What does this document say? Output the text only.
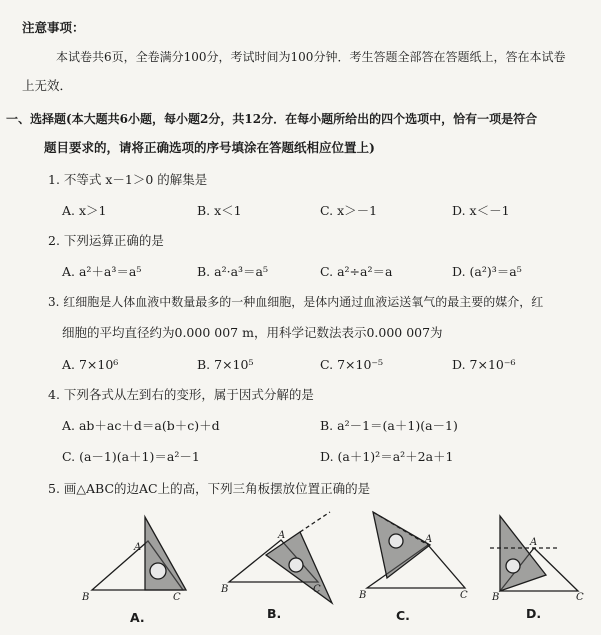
注意事项：
本试卷共6页，全卷满分100分，考试时间为100分钟．考生答题全部答在答题纸上，答在本试卷
上无效．
一、选择题(本大题共6小题，每小题2分，共12分．在每小题所给出的四个选项中，恰有一项是符合
题目要求的，请将正确选项的序号填涂在答题纸相应位置上)
1. 不等式 x－1＞0 的解集是
A. x＞1	B. x＜1	C. x＞－1	D. x＜－1
2. 下列运算正确的是
A. a²＋a³＝a⁵	B. a²·a³＝a⁵	C. a²÷a²＝a	D. (a²)³＝a⁵
3. 红细胞是人体血液中数量最多的一种血细胞，是体内通过血液运送氧气的最主要的媒介，红
细胞的平均直径约为0.000 007 m，用科学记数法表示0.000 007为
A. 7×10⁶	B. 7×10⁵	C. 7×10⁻⁵	D. 7×10⁻⁶
4. 下列各式从左到右的变形，属于因式分解的是
A. ab＋ac＋d＝a(b＋c)＋d	B. a²－1＝(a＋1)(a－1)
C. (a－1)(a＋1)＝a²－1	D. (a＋1)²＝a²＋2a＋1
5. 画△ABC的边AC上的高，下列三角板摆放位置正确的是
A
B	C
A
B	C
A
B	C
A
B	C
A.	B.	C.	D.
